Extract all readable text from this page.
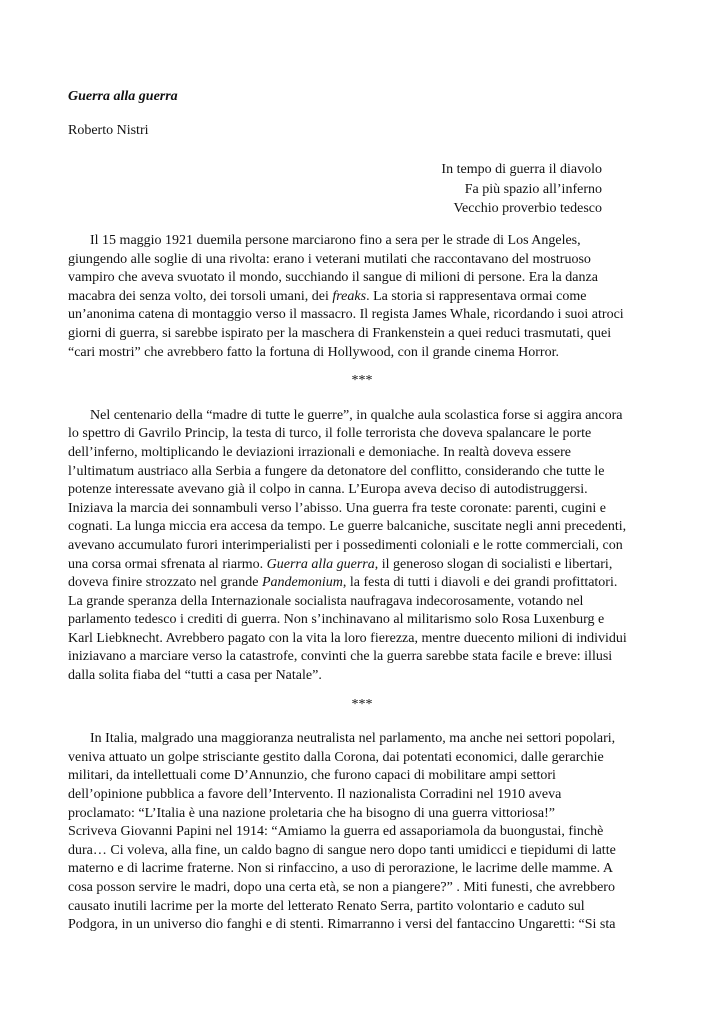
Guerra alla guerra
Roberto Nistri
In tempo di guerra il diavolo
Fa più spazio all’inferno
Vecchio proverbio tedesco

Il 15 maggio 1921 duemila persone marciarono fino a sera per le strade di Los Angeles,
giungendo alle soglie di una rivolta: erano i veterani mutilati che raccontavano del mostruoso
vampiro che aveva svuotato il mondo, succhiando il sangue di milioni di persone. Era la danza
macabra dei senza volto, dei torsoli umani, dei freaks. La storia si rappresentava ormai come
un’anonima catena di montaggio verso il massacro. Il regista James Whale, ricordando i suoi atroci
giorni di guerra, si sarebbe ispirato per la maschera di Frankenstein a quei reduci trasmutati, quei
“cari mostri” che avrebbero fatto la fortuna di Hollywood, con il grande cinema Horror.

***

Nel centenario della “madre di tutte le guerre”, in qualche aula scolastica forse si aggira ancora
lo spettro di Gavrilo Princip, la testa di turco, il folle terrorista che doveva spalancare le porte
dell’inferno, moltiplicando le deviazioni irrazionali e demoniache. In realtà doveva essere
l’ultimatum austriaco alla Serbia a fungere da detonatore del conflitto, considerando che tutte le
potenze interessate avevano già il colpo in canna. L’Europa aveva deciso di autodistruggersi.
Iniziava la marcia dei sonnambuli verso l’abisso. Una guerra fra teste coronate: parenti, cugini e
cognati. La lunga miccia era accesa da tempo. Le guerre balcaniche, suscitate negli anni precedenti,
avevano accumulato furori interimperialisti per i possedimenti coloniali e le rotte commerciali, con
una corsa ormai sfrenata al riarmo. Guerra alla guerra, il generoso slogan di socialisti e libertari,
doveva finire strozzato nel grande Pandemonium, la festa di tutti i diavoli e dei grandi profittatori.
La grande speranza della Internazionale socialista naufragava indecorosamente, votando nel
parlamento tedesco i crediti di guerra. Non s’inchinavano al militarismo solo Rosa Luxenburg e
Karl Liebknecht. Avrebbero pagato con la vita la loro fierezza, mentre duecento milioni di individui
iniziavano a marciare verso la catastrofe, convinti che la guerra sarebbe stata facile e breve: illusi
dalla solita fiaba del “tutti a casa per Natale”.

***

In Italia, malgrado una maggioranza neutralista nel parlamento, ma anche nei settori popolari,
veniva attuato un golpe strisciante gestito dalla Corona, dai potentati economici, dalle gerarchie
militari, da intellettuali come D’Annunzio, che furono capaci di mobilitare ampi settori
dell’opinione pubblica a favore dell’Intervento. Il nazionalista Corradini nel 1910 aveva
proclamato: “L’Italia è una nazione proletaria che ha bisogno di una guerra vittoriosa!”
Scriveva Giovanni Papini nel 1914: “Amiamo la guerra ed assaporiamola da buongustai, finchè
dura… Ci voleva, alla fine, un caldo bagno di sangue nero dopo tanti umidicci e tiepidumi di latte
materno e di lacrime fraterne. Non si rinfaccino, a uso di perorazione, le lacrime delle mamme. A
cosa posson servire le madri, dopo una certa età, se non a piangere?” . Miti funesti, che avrebbero
causato inutili lacrime per la morte del letterato Renato Serra, partito volontario e caduto sul
Podgora, in un universo dio fanghi e di stenti. Rimarranno i versi del fantaccino Ungaretti: “Si sta
